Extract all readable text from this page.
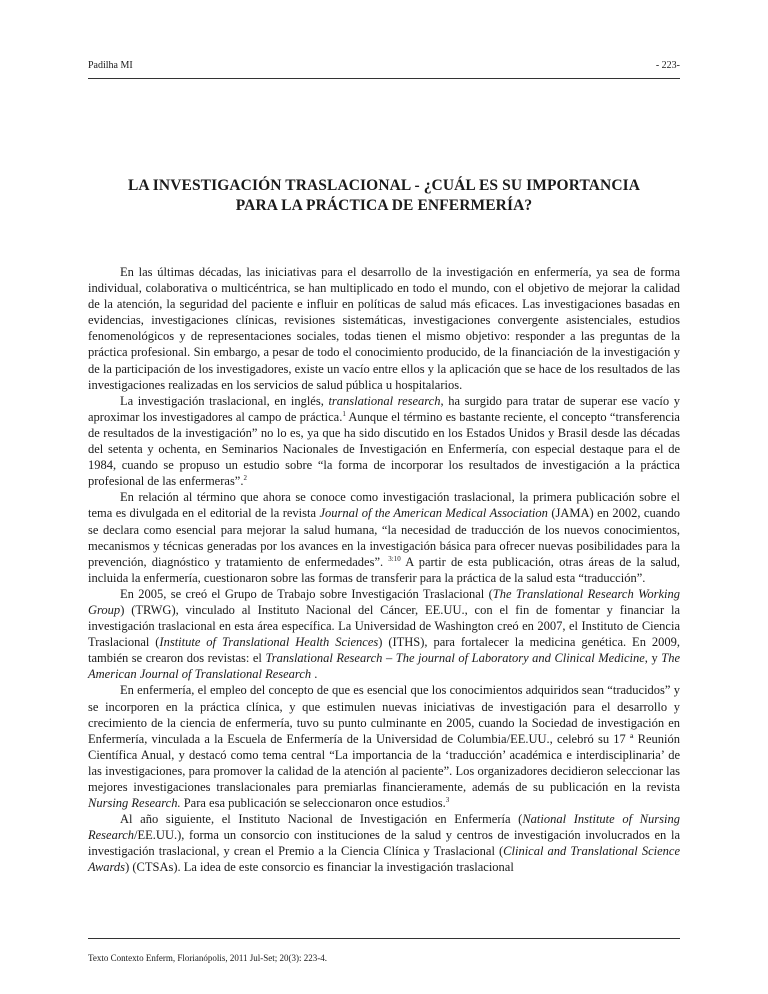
Padilha MI	- 223-
LA INVESTIGACIÓN TRASLACIONAL - ¿CUÁL ES SU IMPORTANCIA
PARA LA PRÁCTICA DE ENFERMERÍA?

En las últimas décadas, las iniciativas para el desarrollo de la investigación en enfermería, ya sea de forma individual, colaborativa o multicéntrica, se han multiplicado en todo el mundo, con el objetivo de mejorar la calidad de la atención, la seguridad del paciente e influir en políticas de salud más eficaces. Las investigaciones basadas en evidencias, investigaciones clínicas, revisiones sistemáticas, investigaciones convergente asistenciales, estudios fenomenológicos y de representaciones sociales, todas tienen el mismo objetivo: responder a las preguntas de la práctica profesional. Sin embargo, a pesar de todo el conocimiento producido, de la financiación de la investigación y de la participación de los investigadores, existe un vacío entre ellos y la aplicación que se hace de los resultados de las investigaciones realizadas en los servicios de salud pública u hospitalarios.

La investigación traslacional, en inglés, translational research, ha surgido para tratar de superar ese vacío y aproximar los investigadores al campo de práctica.$^1$ Aunque el término es bastante reciente, el concepto “transferencia de resultados de la investigación” no lo es, ya que ha sido discutido en los Estados Unidos y Brasil desde las décadas del setenta y ochenta, en Seminarios Nacionales de Investigación en Enfermería, con especial destaque para el de 1984, cuando se propuso un estudio sobre “la forma de incorporar los resultados de investigación a la práctica profesional de las enfermeras”.$^2$

En relación al término que ahora se conoce como investigación traslacional, la primera publicación sobre el tema es divulgada en el editorial de la revista Journal of the American Medical Association (JAMA) en 2002, cuando se declara como esencial para mejorar la salud humana, “la necesidad de traducción de los nuevos conocimientos, mecanismos y técnicas generadas por los avances en la investigación básica para ofrecer nuevas posibilidades para la prevención, diagnóstico y tratamiento de enfermedades”. $^{3:10}$ A partir de esta publicación, otras áreas de la salud, incluida la enfermería, cuestionaron sobre las formas de transferir para la práctica de la salud esta “traducción”.

En 2005, se creó el Grupo de Trabajo sobre Investigación Traslacional (The Translational Research Working Group) (TRWG), vinculado al Instituto Nacional del Cáncer, EE.UU., con el fin de fomentar y financiar la investigación traslacional en esta área específica. La Universidad de Washington creó en 2007, el Instituto de Ciencia Traslacional (Institute of Translational Health Sciences) (ITHS), para fortalecer la medicina genética. En 2009, también se crearon dos revistas: el Translational Research – The journal of Laboratory and Clinical Medicine, y The American Journal of Translational Research .

En enfermería, el empleo del concepto de que es esencial que los conocimientos adquiridos sean “traducidos” y se incorporen en la práctica clínica, y que estimulen nuevas iniciativas de investigación para el desarrollo y crecimiento de la ciencia de enfermería, tuvo su punto culminante en 2005, cuando la Sociedad de investigación en Enfermería, vinculada a la Escuela de Enfermería de la Universidad de Columbia/EE.UU., celebró su 17 ª Reunión Científica Anual, y destacó como tema central “La importancia de la ‘traducción’ académica e interdisciplinaria’ de las investigaciones, para promover la calidad de la atención al paciente”. Los organizadores decidieron seleccionar las mejores investigaciones translacionales para premiarlas financieramente, además de su publicación en la revista Nursing Research. Para esa publicación se seleccionaron once estudios.$^3$

Al año siguiente, el Instituto Nacional de Investigación en Enfermería (National Institute of Nursing Research/EE.UU.), forma un consorcio con instituciones de la salud y centros de investigación involucrados en la investigación traslacional, y crean el Premio a la Ciencia Clínica y Traslacional (Clinical and Translational Science Awards) (CTSAs). La idea de este consorcio es financiar la investigación traslacional

Texto Contexto Enferm, Florianópolis, 2011 Jul-Set; 20(3): 223-4.
